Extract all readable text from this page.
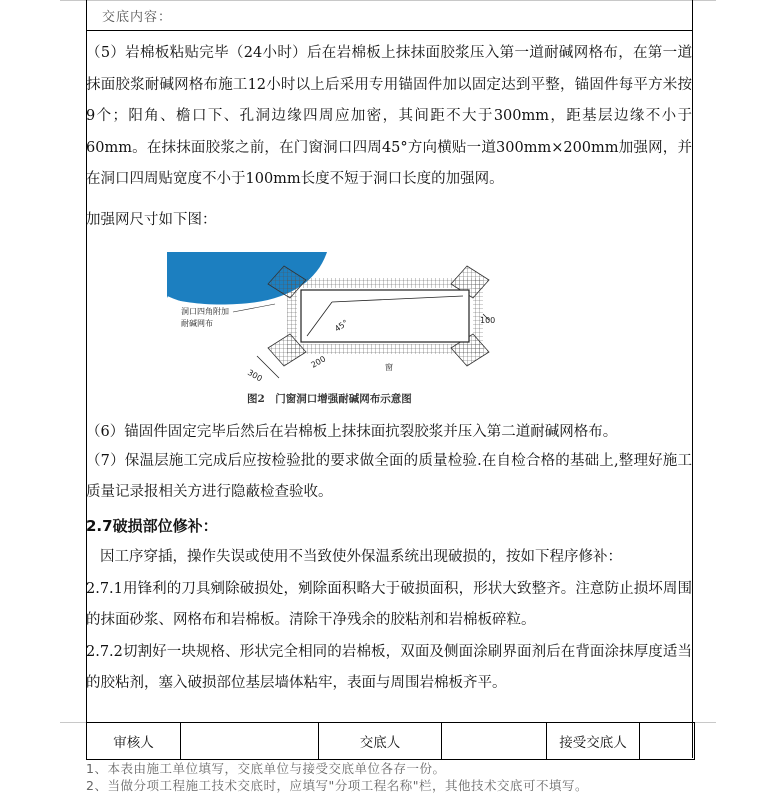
交底内容：

（5）岩棉板粘贴完毕（24小时）后在岩棉板上抹抹面胶浆压入第一道耐碱网格布，在第一道抹面胶浆耐碱网格布施工12小时以上后采用专用锚固件加以固定达到平整，锚固件每平方米按9个；阳角、檐口下、孔洞边缘四周应加密，其间距不大于300mm，距基层边缘不小于60mm。在抹抹面胶浆之前，在门窗洞口四周45°方向横贴一道300mm×200mm加强网，并在洞口四周贴宽度不小于100mm长度不短于洞口长度的加强网。

加强网尺寸如下图：

45°	100
窗
300
200
洞口四角附加
耐碱网布
图2　门窗洞口增强耐碱网布示意图

（6）锚固件固定完毕后然后在岩棉板上抹抹面抗裂胶浆并压入第二道耐碱网格布。

（7）保温层施工完成后应按检验批的要求做全面的质量检验.在自检合格的基础上,整理好施工质量记录报相关方进行隐蔽检查验收。

2.7破损部位修补：

因工序穿插，操作失误或使用不当致使外保温系统出现破损的，按如下程序修补：

2.7.1用锋利的刀具剜除破损处，剜除面积略大于破损面积，形状大致整齐。注意防止损坏周围的抹面砂浆、网格布和岩棉板。清除干净残余的胶粘剂和岩棉板碎粒。

2.7.2切割好一块规格、形状完全相同的岩棉板，双面及侧面涂刷界面剂后在背面涂抹厚度适当的胶粘剂，塞入破损部位基层墙体粘牢，表面与周围岩棉板齐平。

审核人	交底人	接受交底人
1、本表由施工单位填写，交底单位与接受交底单位各存一份。
2、当做分项工程施工技术交底时，应填写"分项工程名称"栏，其他技术交底可不填写。
